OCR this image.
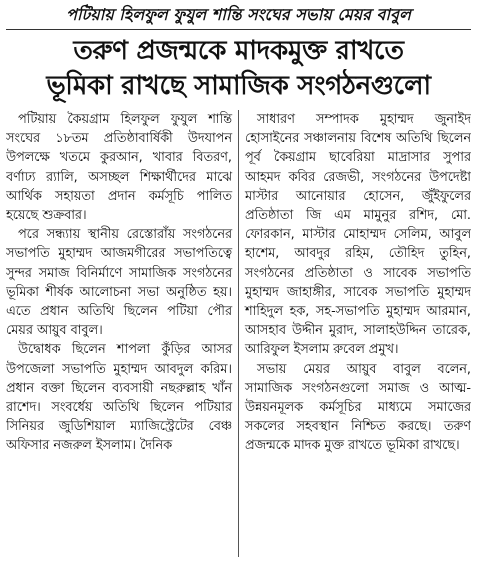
পটিয়ায় হিলফুল ফুযুল শান্তি সংঘের সভায় মেয়র বাবুল
তরুণ প্রজন্মকে মাদকমুক্ত রাখতে
ভূমিকা রাখছে সামাজিক সংগঠনগুলো

পটিয়ায় কৈয়গ্রাম হিলফুল ফুযুল শান্তি সংঘের ১৮তম প্রতিষ্ঠাবার্ষিকী উদযাপন উপলক্ষে খতমে কুরআন, খাবার বিতরণ, বর্ণাঢ্য র‍্যালি, অসচ্ছল শিক্ষার্থীদের মাঝে আর্থিক সহায়তা প্রদান কর্মসূচি পালিত হয়েছে শুক্রবার।

পরে সন্ধ্যায় স্থানীয় রেস্তোরাঁয় সংগঠনের সভাপতি মুহাম্মদ আজমগীরের সভাপতিত্বে সুন্দর সমাজ বিনির্মাণে সামাজিক সংগঠনের ভূমিকা শীর্ষক আলোচনা সভা অনুষ্ঠিত হয়। এতে প্রধান অতিথি ছিলেন পটিয়া পৌর মেয়র আয়ুব বাবুল।

উদ্বোধক ছিলেন শাপলা কুঁড়ির আসর উপজেলা সভাপতি মুহাম্মদ আবদুল করিম। প্রধান বক্তা ছিলেন ব্যবসায়ী নছরুল্লাহ খাঁন রাশেদ। সংবর্ধেয় অতিথি ছিলেন পটিয়ার সিনিয়র জুডিশিয়াল ম্যাজিস্ট্রেটের বেঞ্চ অফিসার নজরুল ইসলাম। দৈনিক

সাধারণ সম্পাদক মুহাম্মদ জুনাইদ হোসাইনের সঞ্চালনায় বিশেষ অতিথি ছিলেন পূর্ব কৈয়গ্রাম ছাবেরিয়া মাদ্রাসার সুপার আহমদ কবির রেজভী, সংগঠনের উপদেষ্টা মাস্টার আনোয়ার হোসেন, জুঁইফুলের প্রতিষ্ঠাতা জি এম মামুনুর রশিদ, মো. ফোরকান, মাস্টার মোহাম্মদ সেলিম, আবুল হাশেম, আবদুর রহিম, তৌহিদ তুহিন, সংগঠনের প্রতিষ্ঠাতা ও সাবেক সভাপতি মুহাম্মদ জাহাঙ্গীর, সাবেক সভাপতি মুহাম্মদ শাহিদুল হক, সহ-সভাপতি মুহাম্মদ আরমান, আসহাব উদ্দীন মুরাদ, সালাহউদ্দিন তারেক, আরিফুল ইসলাম রুবেল প্রমুখ।

সভায় মেয়র আয়ুব বাবুল বলেন, সামাজিক সংগঠনগুলো সমাজ ও আত্ম-উন্নয়নমূলক কর্মসূচির মাধ্যমে সমাজের সকলের সহবস্থান নিশ্চিত করছে। তরুণ প্রজন্মকে মাদক মুক্ত রাখতে ভূমিকা রাখছে।
